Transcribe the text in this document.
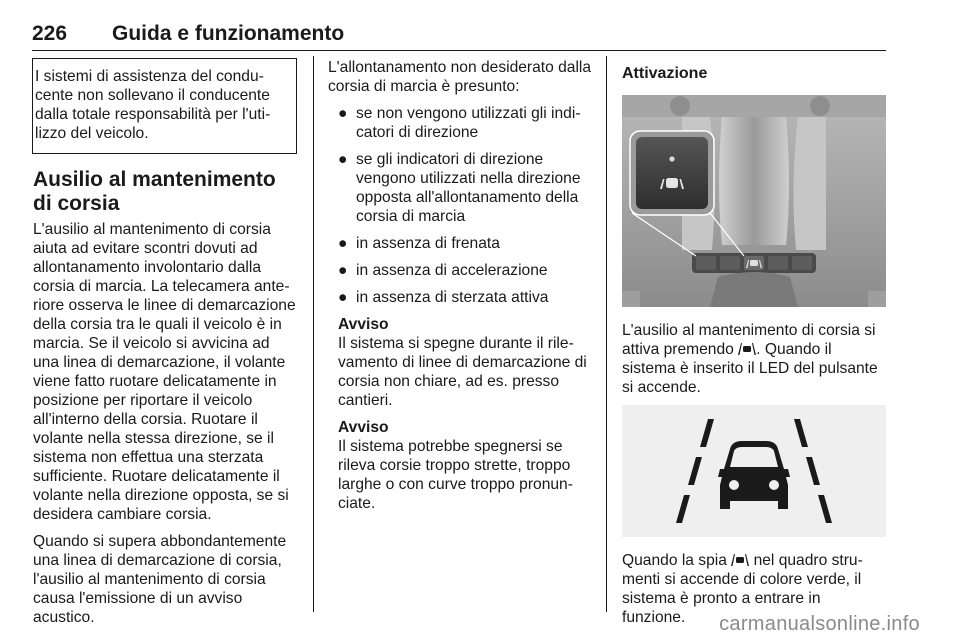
226 Guida e funzionamento
I sistemi di assistenza del conducente non sollevano il conducente dalla totale responsabilità per l'utilizzo del veicolo.
Ausilio al mantenimento di corsia

L'ausilio al mantenimento di corsia aiuta ad evitare scontri dovuti ad allontanamento involontario dalla corsia di marcia. La telecamera anteriore osserva le linee di demarcazione della corsia tra le quali il veicolo è in marcia. Se il veicolo si avvicina ad una linea di demarcazione, il volante viene fatto ruotare delicatamente in posizione per riportare il veicolo all'interno della corsia. Ruotare il volante nella stessa direzione, se il sistema non effettua una sterzata sufficiente. Ruotare delicatamente il volante nella direzione opposta, se si desidera cambiare corsia.

Quando si supera abbondantemente una linea di demarcazione di corsia, l'ausilio al mantenimento di corsia causa l'emissione di un avviso acustico.

L'allontanamento non desiderato dalla corsia di marcia è presunto:

● se non vengono utilizzati gli indicatori di direzione
● se gli indicatori di direzione vengono utilizzati nella direzione opposta all'allontanamento della corsia di marcia
● in assenza di frenata
● in assenza di accelerazione
● in assenza di sterzata attiva
Avviso

Il sistema si spegne durante il rilevamento di linee di demarcazione di corsia non chiare, ad es. presso cantieri.

Avviso

Il sistema potrebbe spegnersi se rileva corsie troppo strette, troppo larghe o con curve troppo pronunciate.

Attivazione

L'ausilio al mantenimento di corsia si attiva premendo . Quando il sistema è inserito il LED del pulsante si accende.

Quando la spia  nel quadro strumenti si accende di colore verde, il sistema è pronto a entrare in funzione.	carmanualsonline.info
